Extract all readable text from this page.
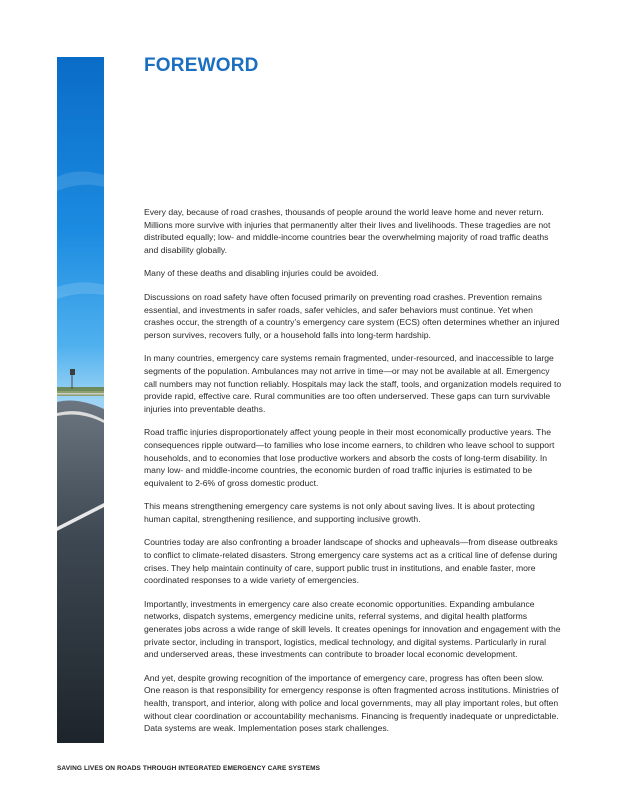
FOREWORD

Every day, because of road crashes, thousands of people around the world leave home and never return. Millions more survive with injuries that permanently alter their lives and livelihoods. These tragedies are not distributed equally; low- and middle-income countries bear the overwhelming majority of road traffic deaths and disability globally.

Many of these deaths and disabling injuries could be avoided.

Discussions on road safety have often focused primarily on preventing road crashes. Prevention remains essential, and investments in safer roads, safer vehicles, and safer behaviors must continue. Yet when crashes occur, the strength of a country’s emergency care system (ECS) often determines whether an injured person survives, recovers fully, or a household falls into long-term hardship.

In many countries, emergency care systems remain fragmented, under-resourced, and inaccessible to large segments of the population. Ambulances may not arrive in time—or may not be available at all. Emergency call numbers may not function reliably. Hospitals may lack the staff, tools, and organization models required to provide rapid, effective care. Rural communities are too often underserved. These gaps can turn survivable injuries into preventable deaths.

Road traffic injuries disproportionately affect young people in their most economically productive years. The consequences ripple outward—to families who lose income earners, to children who leave school to support households, and to economies that lose productive workers and absorb the costs of long-term disability. In many low- and middle-income countries, the economic burden of road traffic injuries is estimated to be equivalent to 2-6% of gross domestic product.

This means strengthening emergency care systems is not only about saving lives. It is about protecting human capital, strengthening resilience, and supporting inclusive growth.

Countries today are also confronting a broader landscape of shocks and upheavals—from disease outbreaks to conflict to climate-related disasters. Strong emergency care systems act as a critical line of defense during crises. They help maintain continuity of care, support public trust in institutions, and enable faster, more coordinated responses to a wide variety of emergencies.

Importantly, investments in emergency care also create economic opportunities. Expanding ambulance networks, dispatch systems, emergency medicine units, referral systems, and digital health platforms generates jobs across a wide range of skill levels. It creates openings for innovation and engagement with the private sector, including in transport, logistics, medical technology, and digital systems. Particularly in rural and underserved areas, these investments can contribute to broader local economic development.

And yet, despite growing recognition of the importance of emergency care, progress has often been slow. One reason is that responsibility for emergency response is often fragmented across institutions. Ministries of health, transport, and interior, along with police and local governments, may all play important roles, but often without clear coordination or accountability mechanisms. Financing is frequently inadequate or unpredictable. Data systems are weak. Implementation poses stark challenges.

SAVING LIVES ON ROADS THROUGH INTEGRATED EMERGENCY CARE SYSTEMS
